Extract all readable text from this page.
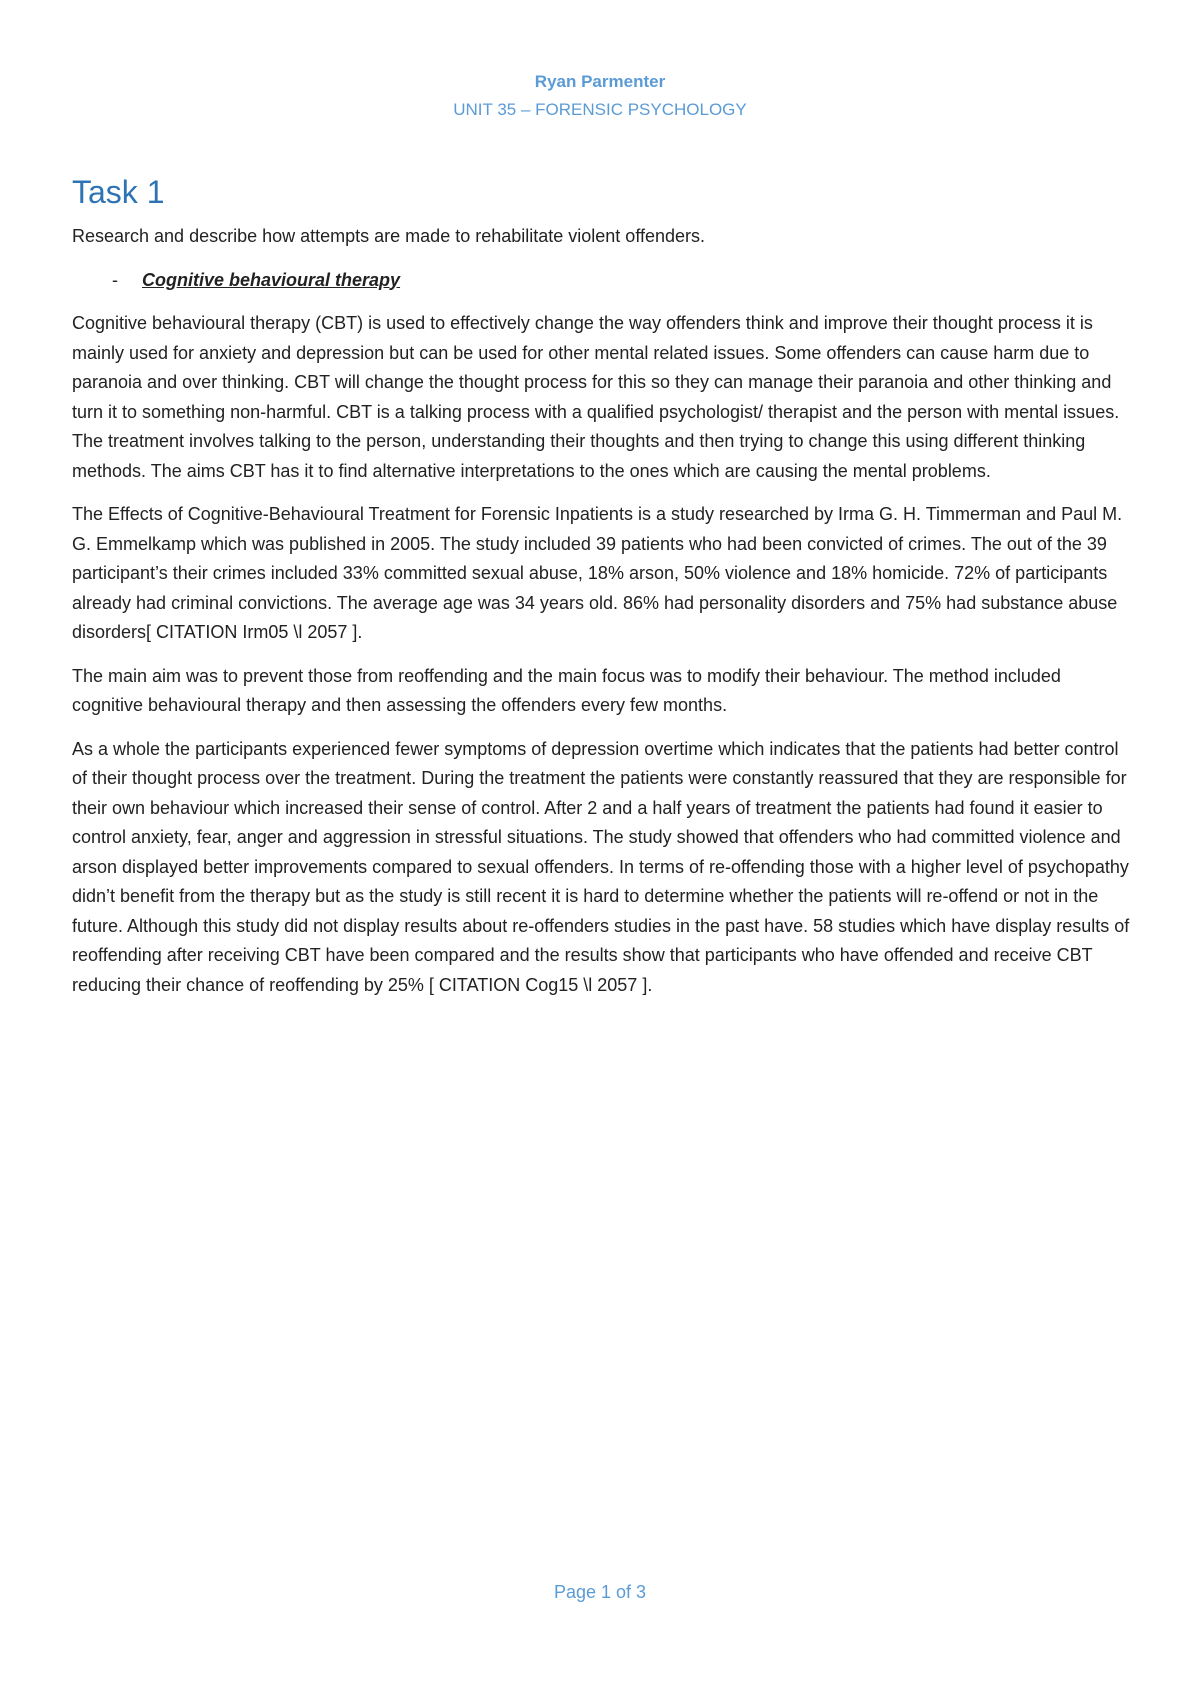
Ryan Parmenter
UNIT 35 – FORENSIC PSYCHOLOGY
Task 1

Research and describe how attempts are made to rehabilitate violent offenders.

-	Cognitive behavioural therapy

Cognitive behavioural therapy (CBT) is used to effectively change the way offenders think and improve their thought process it is mainly used for anxiety and depression but can be used for other mental related issues. Some offenders can cause harm due to paranoia and over thinking. CBT will change the thought process for this so they can manage their paranoia and other thinking and turn it to something non-harmful. CBT is a talking process with a qualified psychologist/ therapist and the person with mental issues. The treatment involves talking to the person, understanding their thoughts and then trying to change this using different thinking methods. The aims CBT has it to find alternative interpretations to the ones which are causing the mental problems.

The Effects of Cognitive-Behavioural Treatment for Forensic Inpatients is a study researched by Irma G. H. Timmerman and Paul M. G. Emmelkamp which was published in 2005. The study included 39 patients who had been convicted of crimes. The out of the 39 participant’s their crimes included 33% committed sexual abuse, 18% arson, 50% violence and 18% homicide. 72% of participants already had criminal convictions. The average age was 34 years old. 86% had personality disorders and 75% had substance abuse disorders[ CITATION Irm05 \l 2057 ].

The main aim was to prevent those from reoffending and the main focus was to modify their behaviour. The method included cognitive behavioural therapy and then assessing the offenders every few months.

As a whole the participants experienced fewer symptoms of depression overtime which indicates that the patients had better control of their thought process over the treatment. During the treatment the patients were constantly reassured that they are responsible for their own behaviour which increased their sense of control. After 2 and a half years of treatment the patients had found it easier to control anxiety, fear, anger and aggression in stressful situations. The study showed that offenders who had committed violence and arson displayed better improvements compared to sexual offenders. In terms of re-offending those with a higher level of psychopathy didn’t benefit from the therapy but as the study is still recent it is hard to determine whether the patients will re-offend or not in the future. Although this study did not display results about re-offenders studies in the past have. 58 studies which have display results of reoffending after receiving CBT have been compared and the results show that participants who have offended and receive CBT reducing their chance of reoffending by 25% [ CITATION Cog15 \l 2057 ].

Page 1 of 3
